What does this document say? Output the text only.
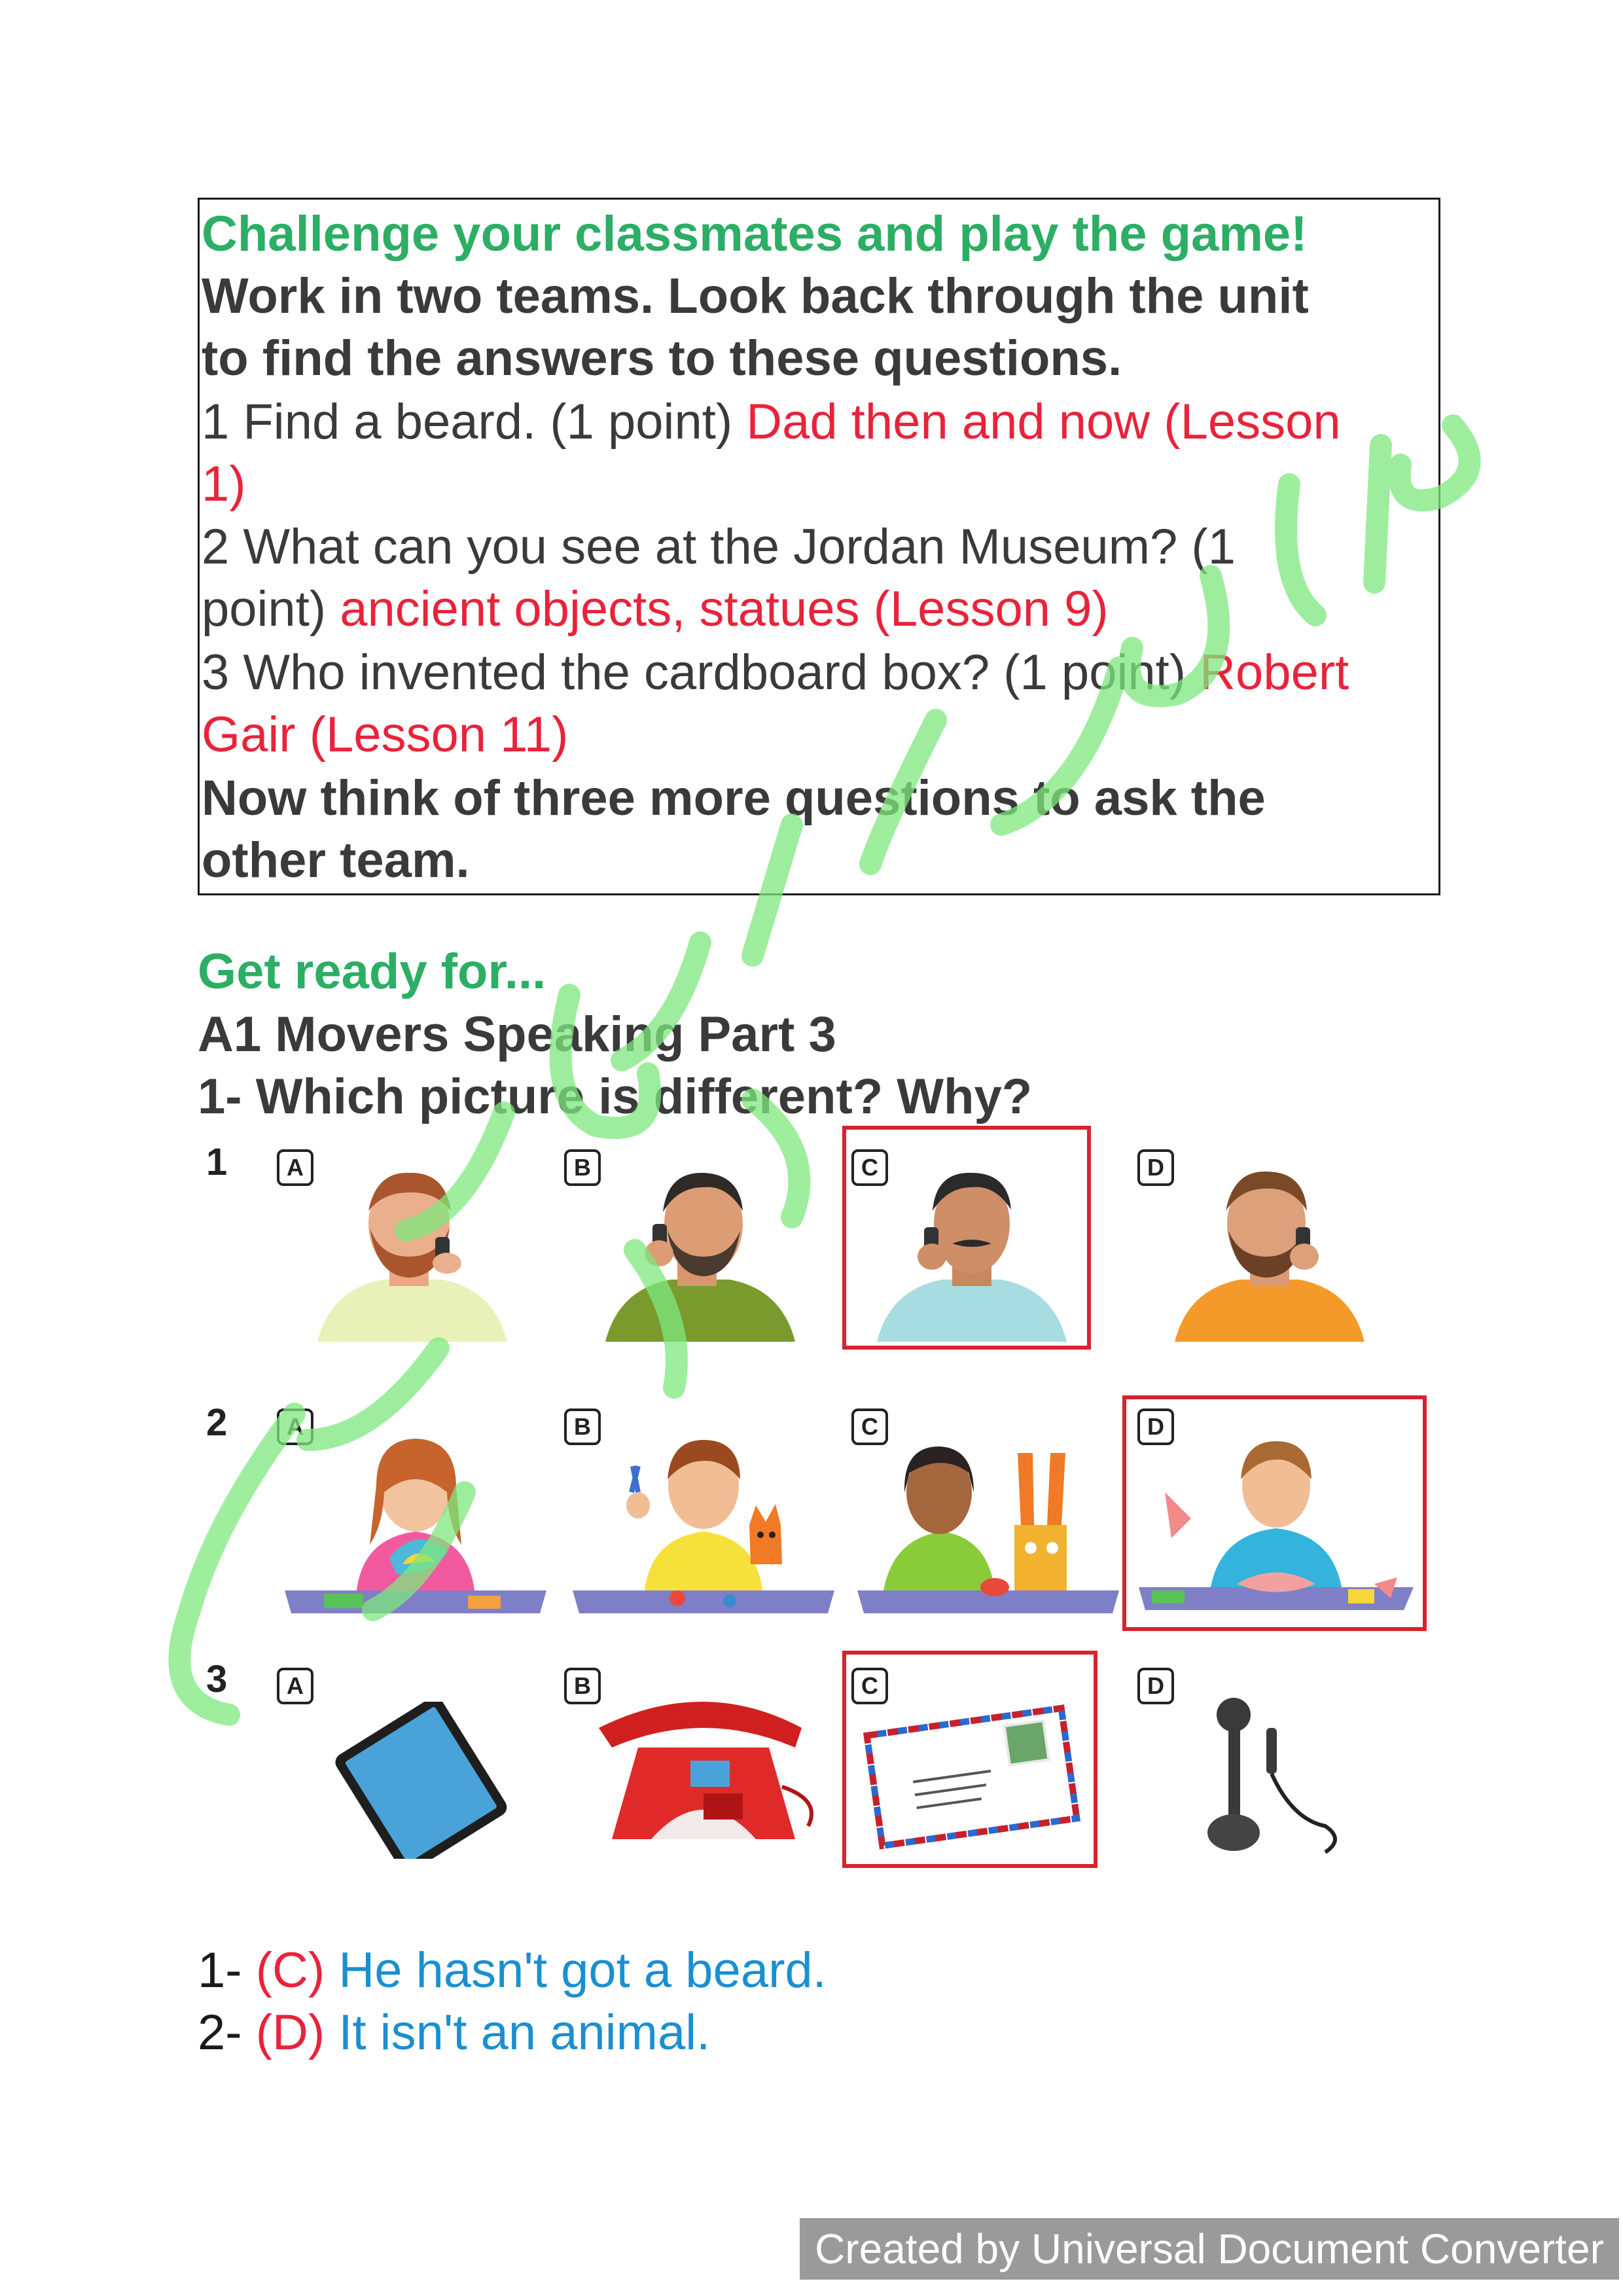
Challenge your classmates and play the game!
Work in two teams. Look back through the unit
to find the answers to these questions.
1 Find a beard. (1 point) Dad then and now (Lesson
1)
2 What can you see at the Jordan Museum? (1
point) ancient objects, statues (Lesson 9)
3 Who invented the cardboard box? (1 point) Robert
Gair (Lesson 11)
Now think of three more questions to ask the
other team.
Get ready for...
A1 Movers Speaking Part 3
1- Which picture is different? Why?
1	A	B	C	D
2	A	B	C	D
3	A	B	C	D
1- (C) He hasn't got a beard.
2- (D) It isn't an animal.
Created by Universal Document Converter
